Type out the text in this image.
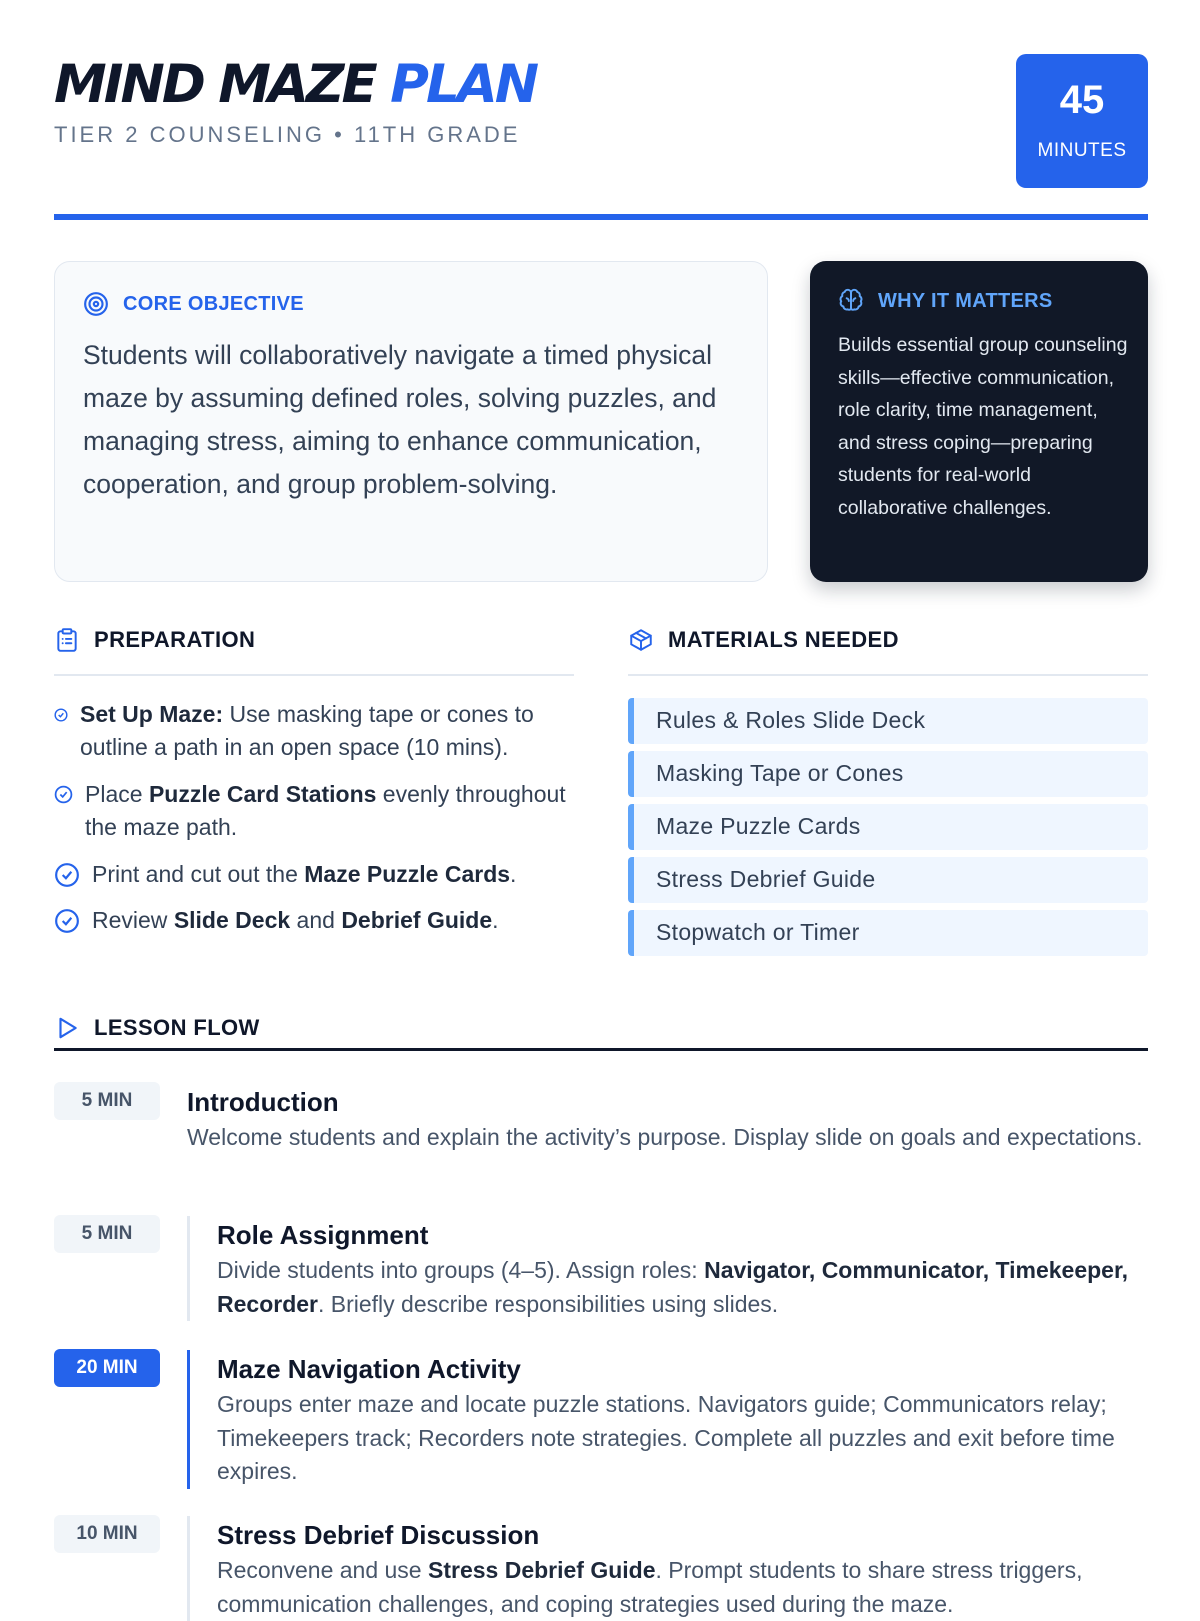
MIND MAZE PLAN
TIER 2 COUNSELING • 11TH GRADE
45
MINUTES
CORE OBJECTIVE
Students will collaboratively navigate a timed physical maze by assuming defined roles, solving puzzles, and managing stress, aiming to enhance communication, cooperation, and group problem-solving.
WHY IT MATTERS
Builds essential group counseling skills—effective communication, role clarity, time management, and stress coping—preparing students for real-world collaborative challenges.
PREPARATION
Set Up Maze: Use masking tape or cones to outline a path in an open space (10 mins).
Place Puzzle Card Stations evenly throughout the maze path.
Print and cut out the Maze Puzzle Cards.
Review Slide Deck and Debrief Guide.
MATERIALS NEEDED
Rules & Roles Slide Deck
Masking Tape or Cones
Maze Puzzle Cards
Stress Debrief Guide
Stopwatch or Timer
LESSON FLOW
5 MIN	Introduction
Welcome students and explain the activity’s purpose. Display slide on goals and expectations.
5 MIN	Role Assignment
Divide students into groups (4–5). Assign roles: Navigator, Communicator, Timekeeper, Recorder. Briefly describe responsibilities using slides.
20 MIN	Maze Navigation Activity
Groups enter maze and locate puzzle stations. Navigators guide; Communicators relay; Timekeepers track; Recorders note strategies. Complete all puzzles and exit before time expires.
10 MIN	Stress Debrief Discussion
Reconvene and use Stress Debrief Guide. Prompt students to share stress triggers, communication challenges, and coping strategies used during the maze.
